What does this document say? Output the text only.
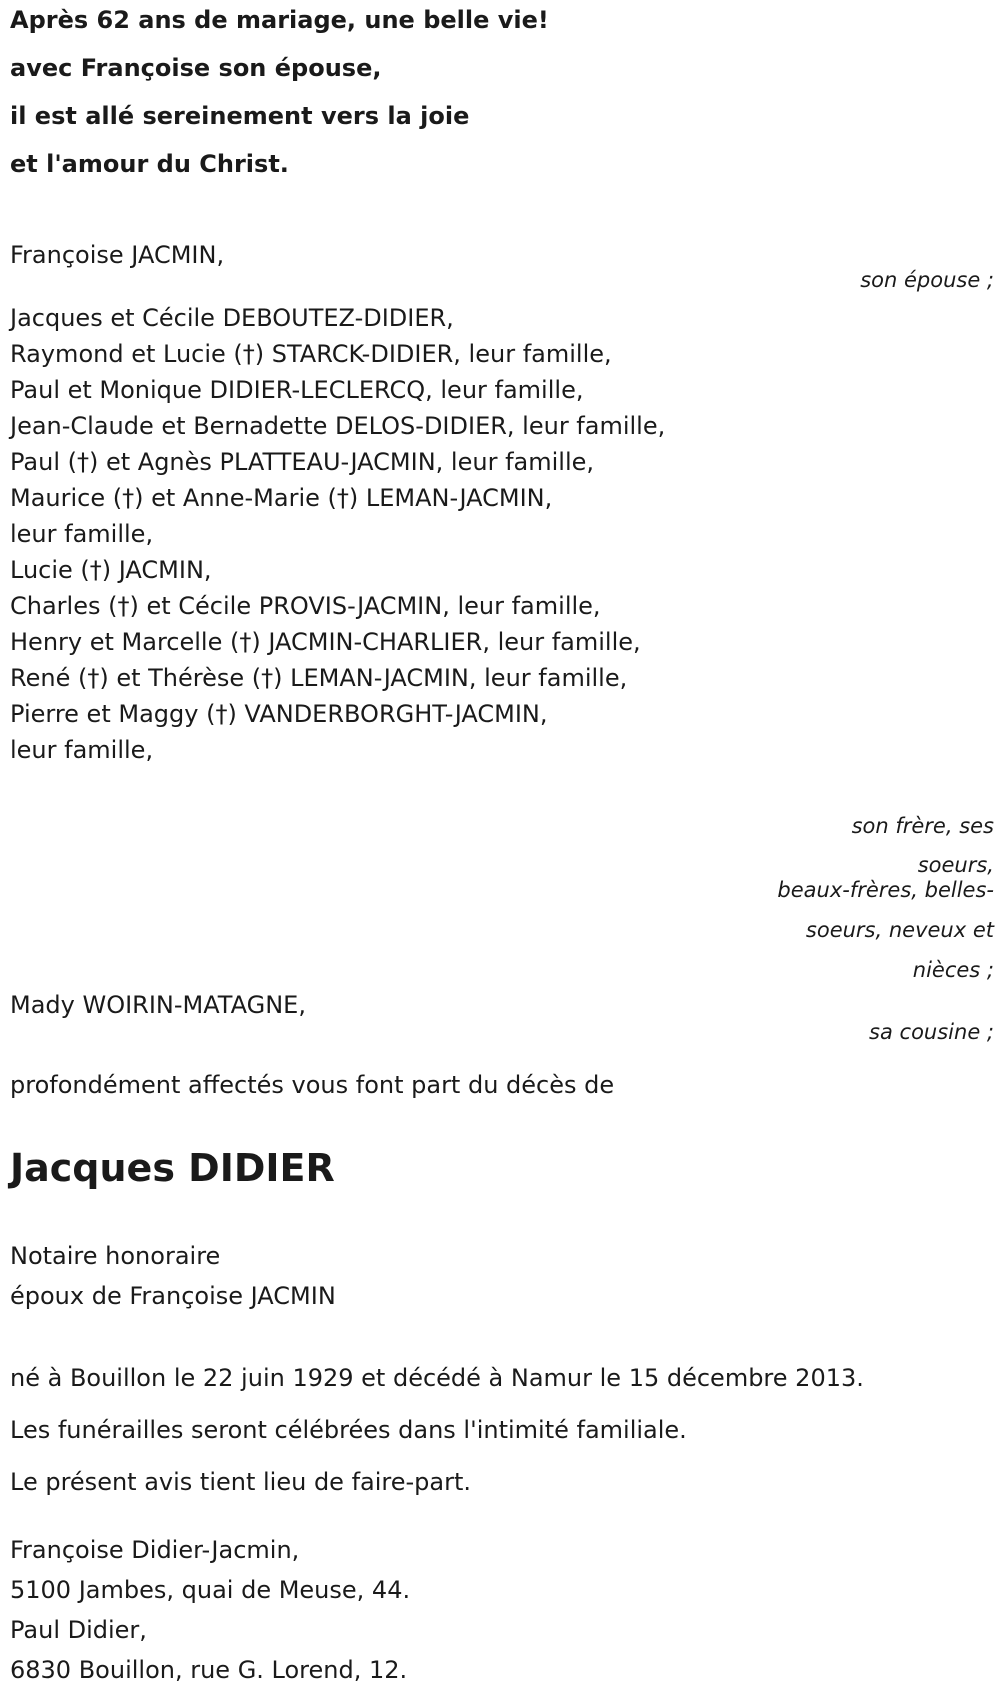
Après 62 ans de mariage, une belle vie!
avec Françoise son épouse,
il est allé sereinement vers la joie
et l'amour du Christ.
Françoise JACMIN,
son épouse ;
Jacques et Cécile DEBOUTEZ-DIDIER,
Raymond et Lucie (†) STARCK-DIDIER, leur famille,
Paul et Monique DIDIER-LECLERCQ, leur famille,
Jean-Claude et Bernadette DELOS-DIDIER, leur famille,
Paul (†) et Agnès PLATTEAU-JACMIN, leur famille,
Maurice (†) et Anne-Marie (†) LEMAN-JACMIN,
leur famille,
Lucie (†) JACMIN,
Charles (†) et Cécile PROVIS-JACMIN, leur famille,
Henry et Marcelle (†) JACMIN-CHARLIER, leur famille,
René (†) et Thérèse (†) LEMAN-JACMIN, leur famille,
Pierre et Maggy (†) VANDERBORGHT-JACMIN,
leur famille,
son frère, ses
soeurs,
beaux-frères, belles-
soeurs, neveux et
nièces ;
Mady WOIRIN-MATAGNE,
sa cousine ;
profondément affectés vous font part du décès de
Jacques DIDIER
Notaire honoraire
époux de Françoise JACMIN
né à Bouillon le 22 juin 1929 et décédé à Namur le 15 décembre 2013.
Les funérailles seront célébrées dans l'intimité familiale.
Le présent avis tient lieu de faire-part.
Françoise Didier-Jacmin,
5100 Jambes, quai de Meuse, 44.
Paul Didier,
6830 Bouillon, rue G. Lorend, 12.
